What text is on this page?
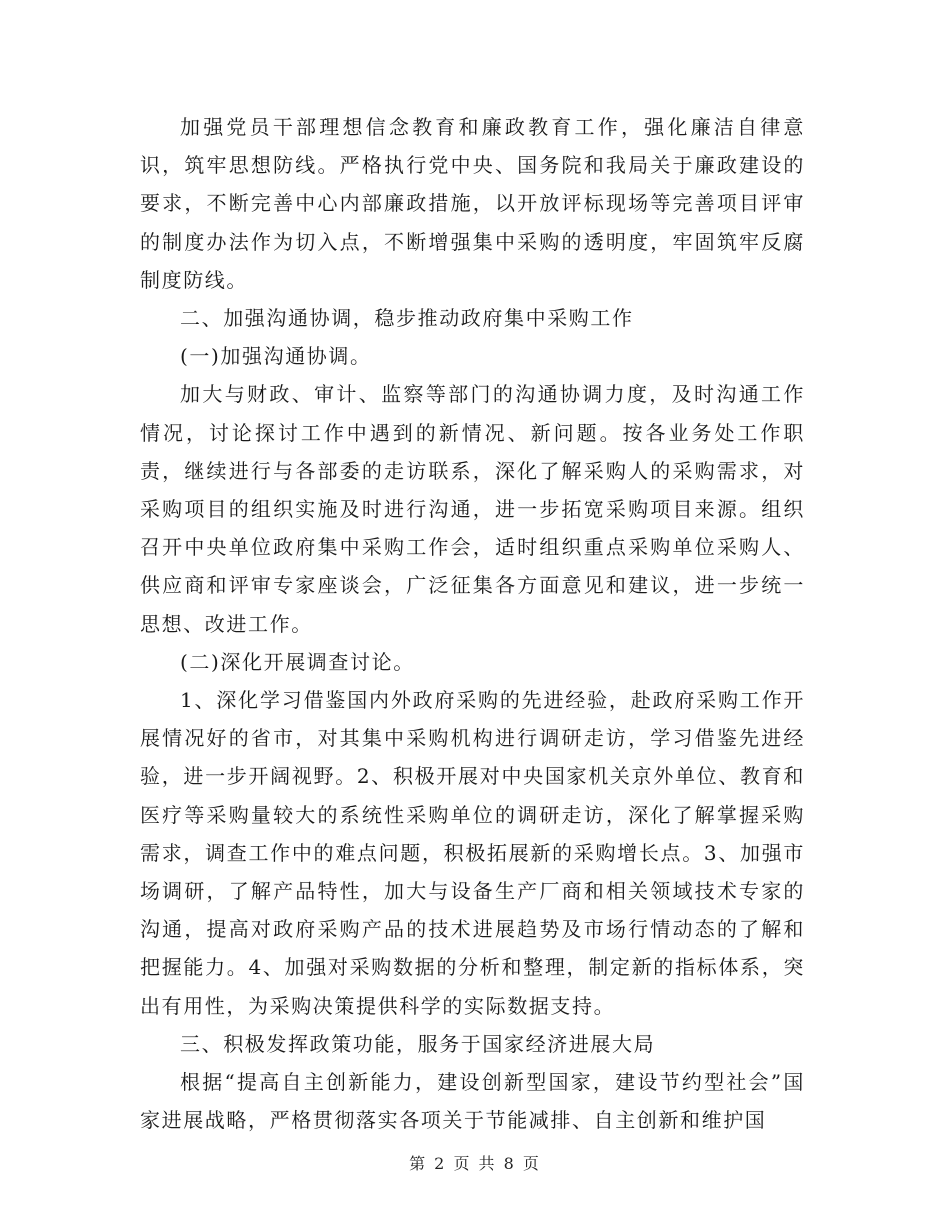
加强党员干部理想信念教育和廉政教育工作，强化廉洁自律意识，筑牢思想防线。严格执行党中央、国务院和我局关于廉政建设的要求，不断完善中心内部廉政措施，以开放评标现场等完善项目评审的制度办法作为切入点，不断增强集中采购的透明度，牢固筑牢反腐制度防线。

二、加强沟通协调，稳步推动政府集中采购工作

(一)加强沟通协调。

加大与财政、审计、监察等部门的沟通协调力度，及时沟通工作情况，讨论探讨工作中遇到的新情况、新问题。按各业务处工作职责，继续进行与各部委的走访联系，深化了解采购人的采购需求，对采购项目的组织实施及时进行沟通，进一步拓宽采购项目来源。组织召开中央单位政府集中采购工作会，适时组织重点采购单位采购人、供应商和评审专家座谈会，广泛征集各方面意见和建议，进一步统一思想、改进工作。

(二)深化开展调查讨论。

1、深化学习借鉴国内外政府采购的先进经验，赴政府采购工作开展情况好的省市，对其集中采购机构进行调研走访，学习借鉴先进经验，进一步开阔视野。2、积极开展对中央国家机关京外单位、教育和医疗等采购量较大的系统性采购单位的调研走访，深化了解掌握采购需求，调查工作中的难点问题，积极拓展新的采购增长点。3、加强市场调研，了解产品特性，加大与设备生产厂商和相关领域技术专家的沟通，提高对政府采购产品的技术进展趋势及市场行情动态的了解和把握能力。4、加强对采购数据的分析和整理，制定新的指标体系，突出有用性，为采购决策提供科学的实际数据支持。

三、积极发挥政策功能，服务于国家经济进展大局

根据“提高自主创新能力，建设创新型国家，建设节约型社会”国家进展战略，严格贯彻落实各项关于节能减排、自主创新和维护国

第 2 页 共 8 页
